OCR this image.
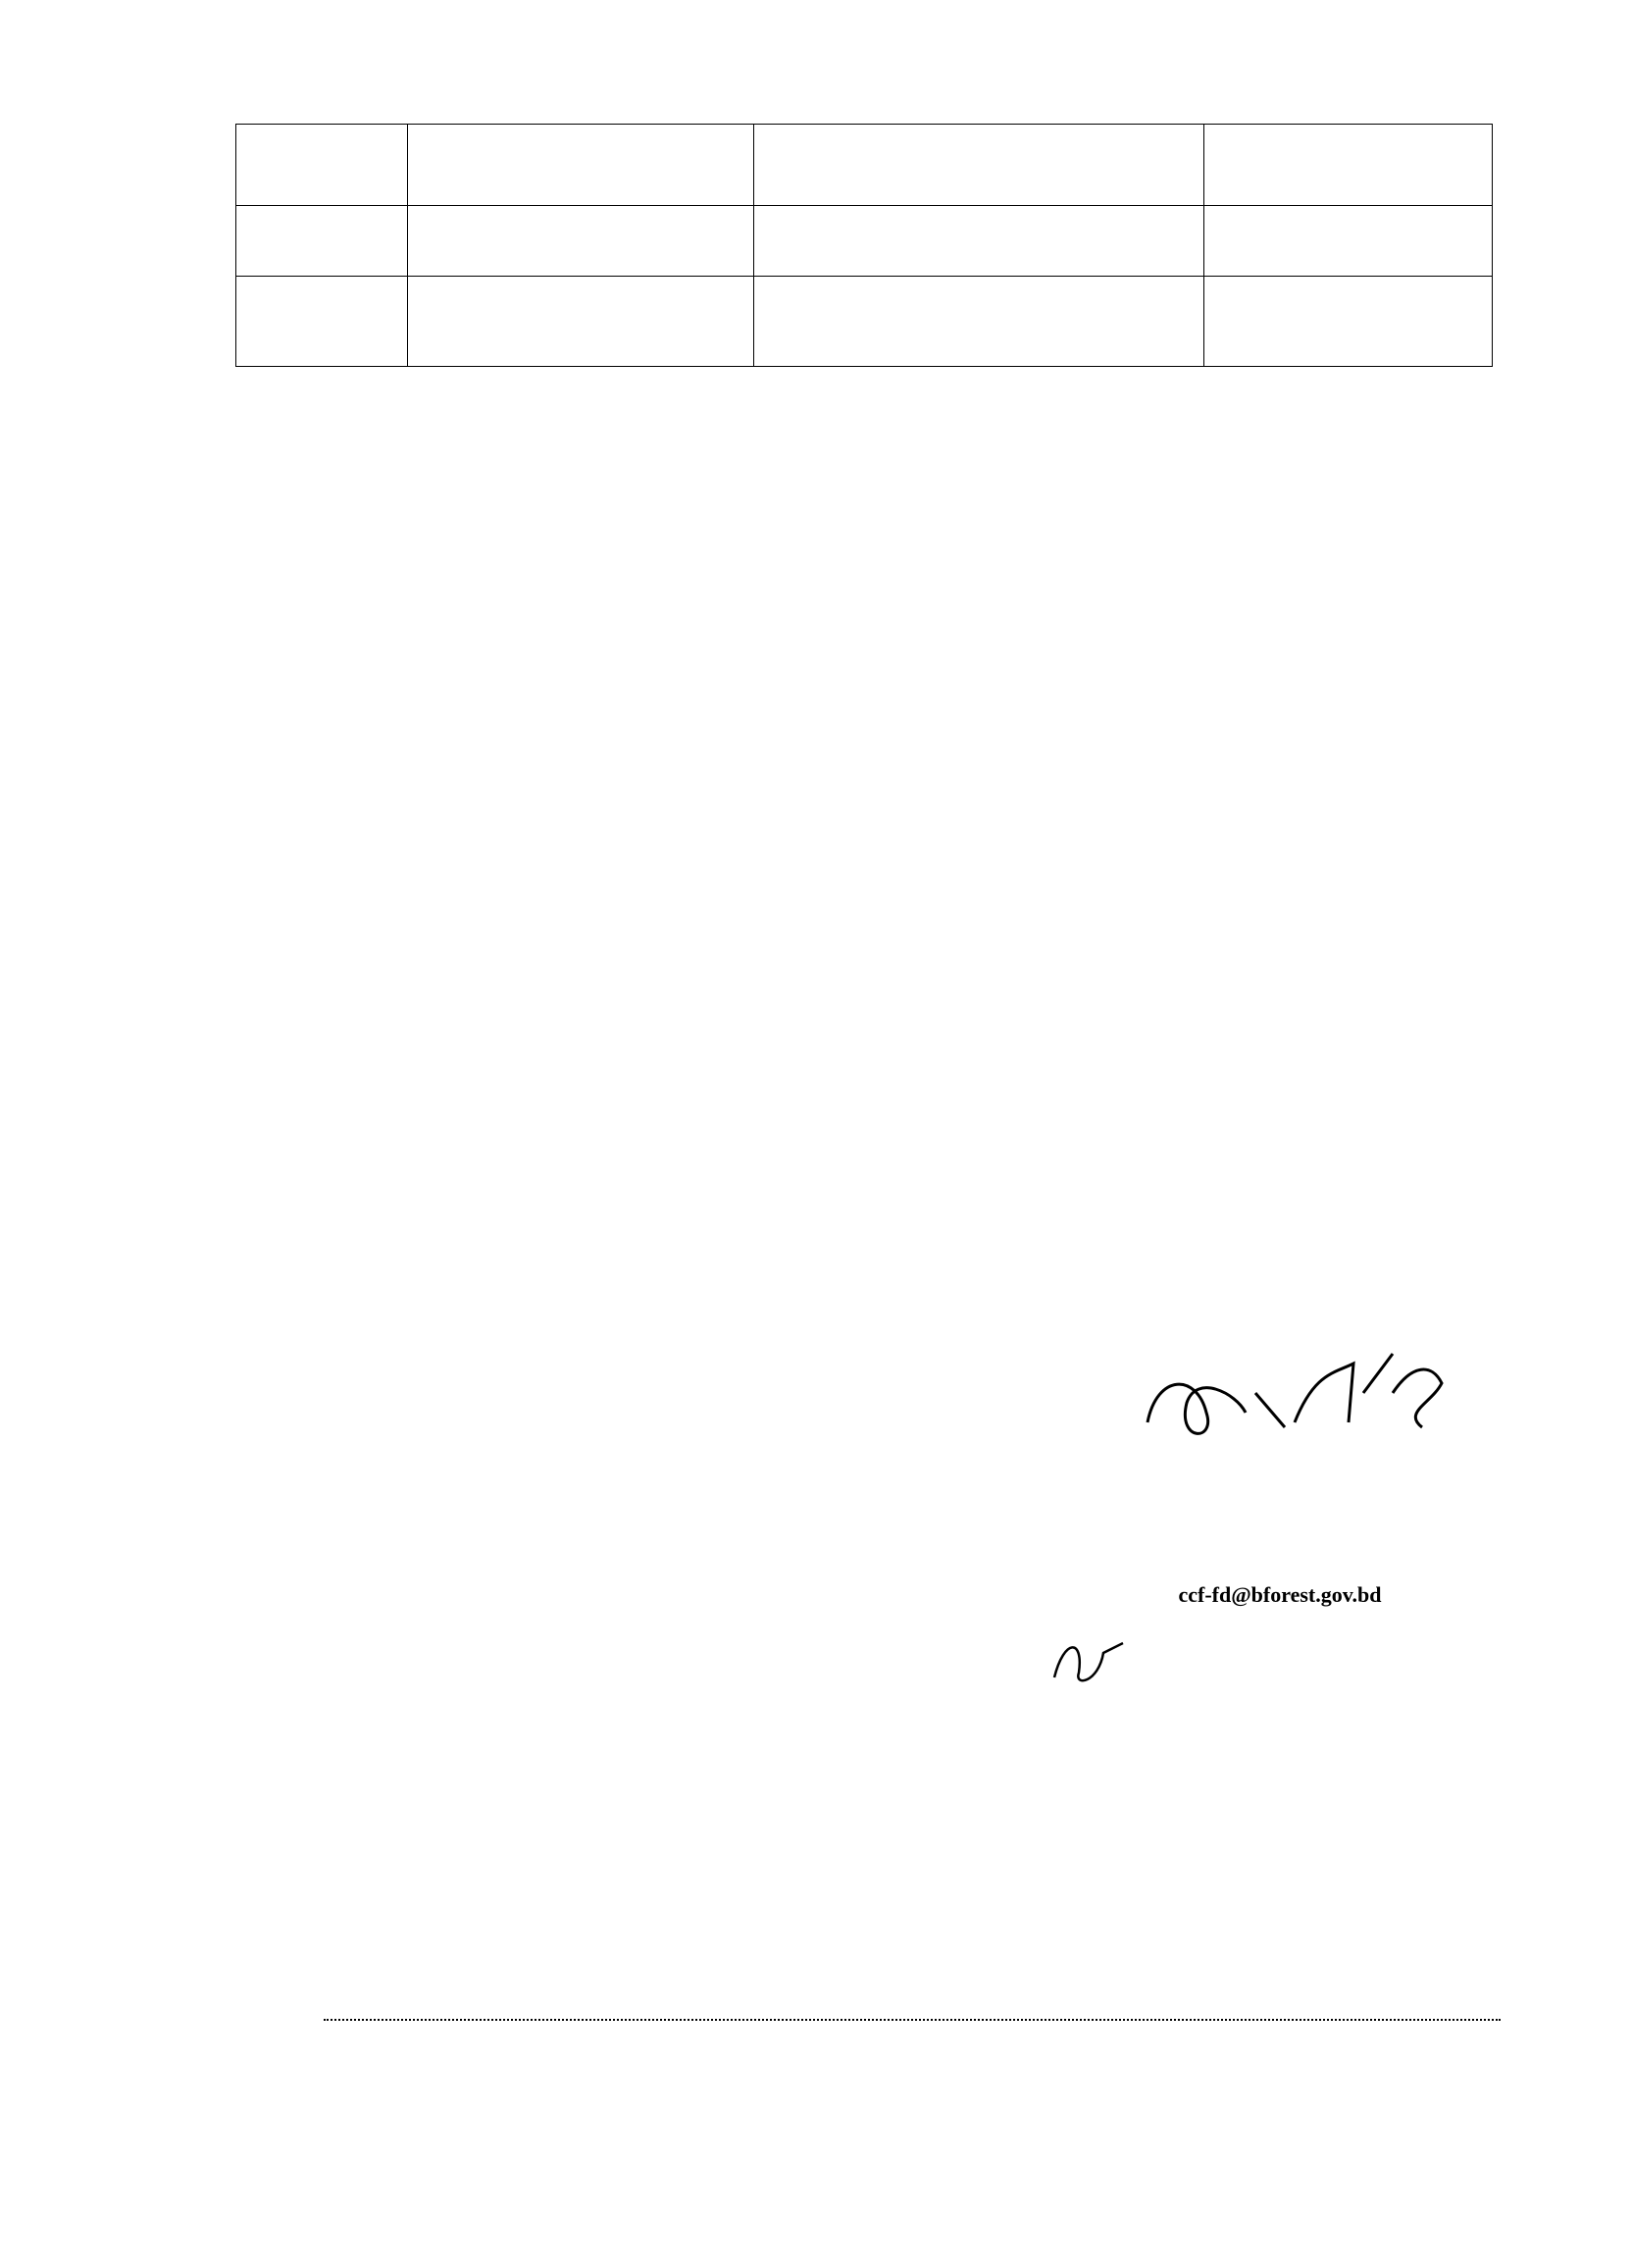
ccf-fd@bforest.gov.bd
